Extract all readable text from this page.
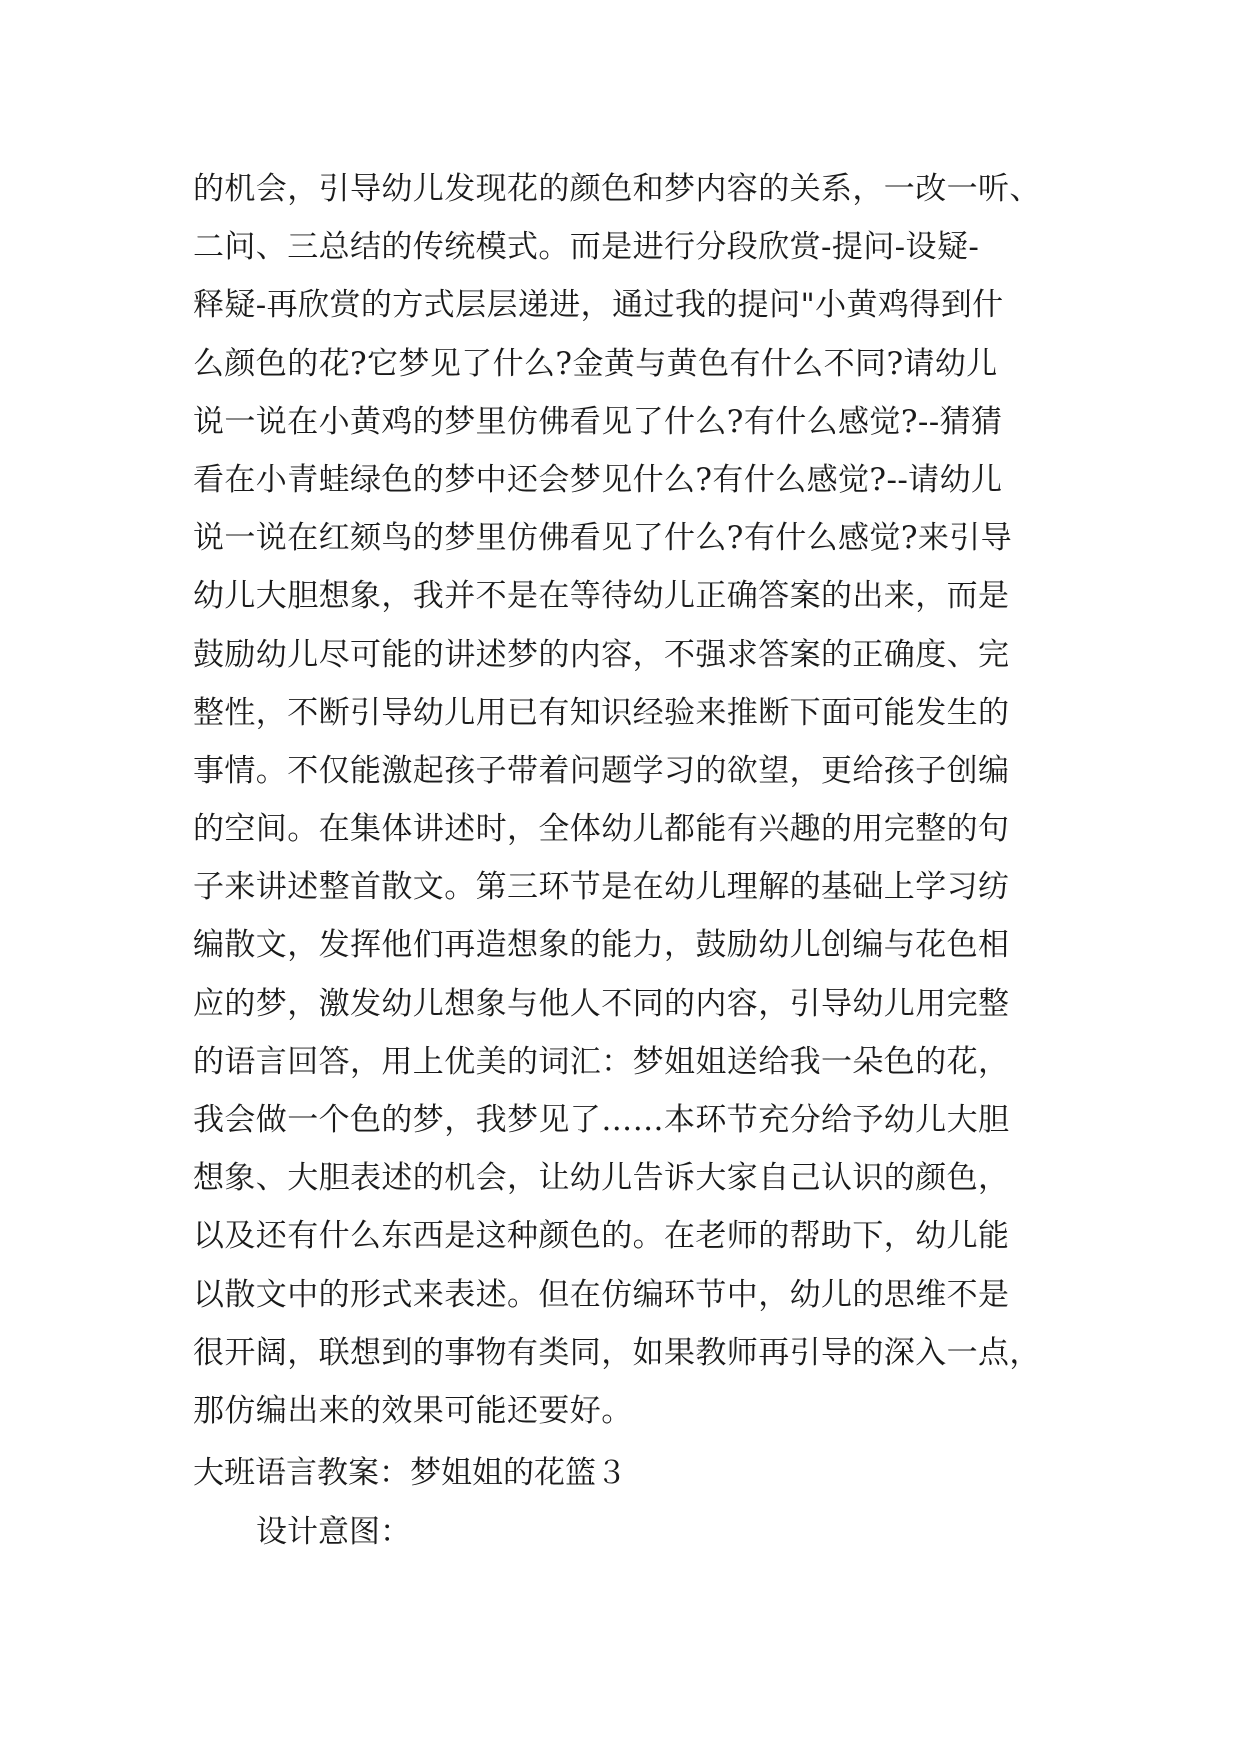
的机会，引导幼儿发现花的颜色和梦内容的关系，一改一听、
二问、三总结的传统模式。而是进行分段欣赏-提问-设疑-
释疑-再欣赏的方式层层递进，通过我的提问"小黄鸡得到什
么颜色的花?它梦见了什么?金黄与黄色有什么不同?请幼儿
说一说在小黄鸡的梦里仿佛看见了什么?有什么感觉?--猜猜
看在小青蛙绿色的梦中还会梦见什么?有什么感觉?--请幼儿
说一说在红颏鸟的梦里仿佛看见了什么?有什么感觉?来引导
幼儿大胆想象，我并不是在等待幼儿正确答案的出来，而是
鼓励幼儿尽可能的讲述梦的内容，不强求答案的正确度、完
整性，不断引导幼儿用已有知识经验来推断下面可能发生的
事情。不仅能激起孩子带着问题学习的欲望，更给孩子创编
的空间。在集体讲述时，全体幼儿都能有兴趣的用完整的句
子来讲述整首散文。第三环节是在幼儿理解的基础上学习纺
编散文，发挥他们再造想象的能力，鼓励幼儿创编与花色相
应的梦，激发幼儿想象与他人不同的内容，引导幼儿用完整
的语言回答，用上优美的词汇：梦姐姐送给我一朵色的花，
我会做一个色的梦，我梦见了……本环节充分给予幼儿大胆
想象、大胆表述的机会，让幼儿告诉大家自己认识的颜色，
以及还有什么东西是这种颜色的。在老师的帮助下，幼儿能
以散文中的形式来表述。但在仿编环节中，幼儿的思维不是
很开阔，联想到的事物有类同，如果教师再引导的深入一点，
那仿编出来的效果可能还要好。
大班语言教案：梦姐姐的花篮３
设计意图：
